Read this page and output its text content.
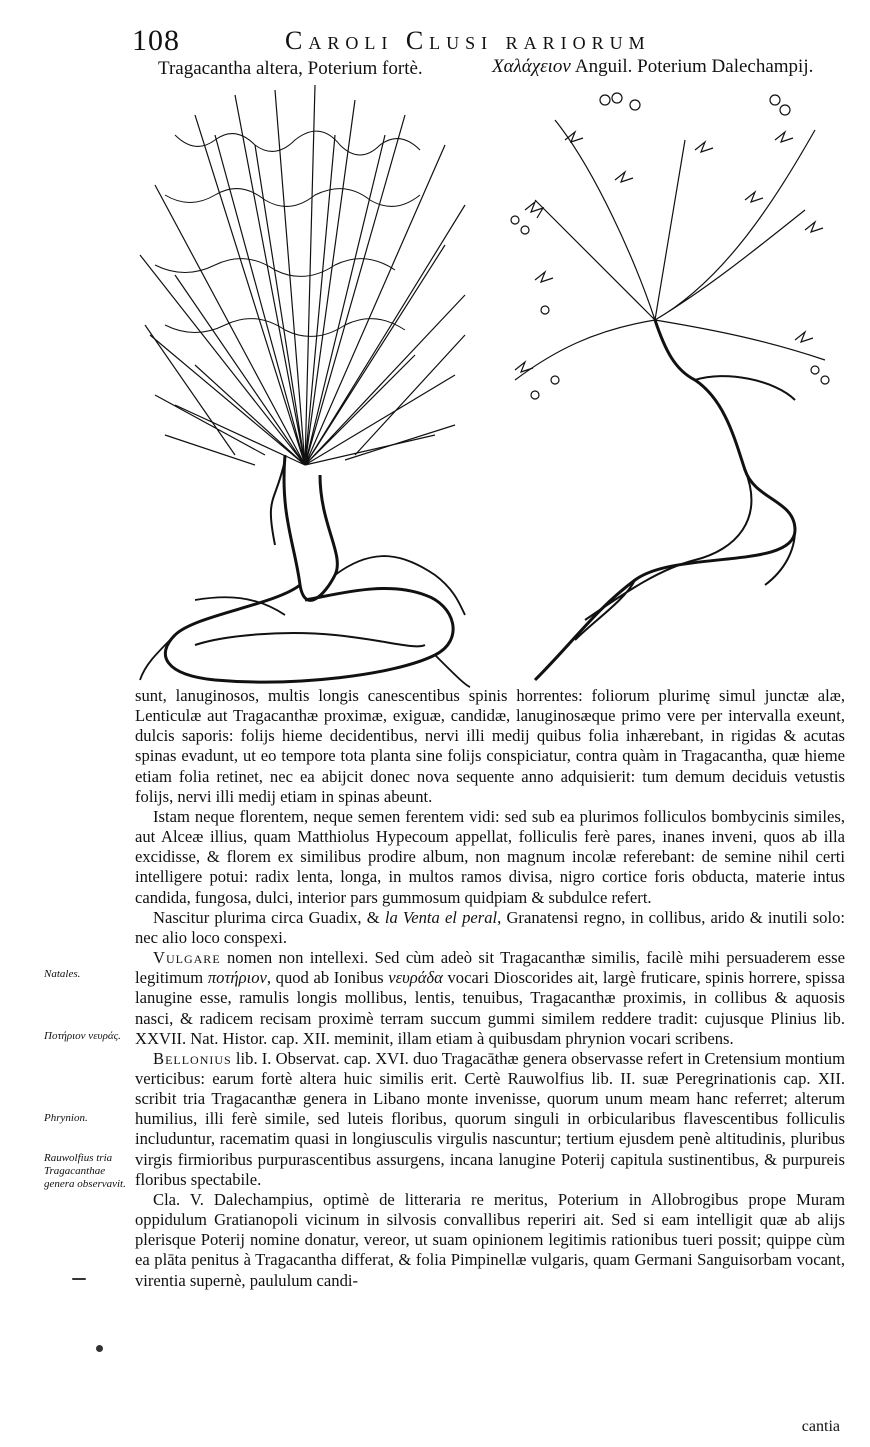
108	Caroli Clusi rariorum
Tragacantha altera, Poterium fortè.	Χαλάχειον Anguil. Poterium Dalechampij.

sunt, lanuginosos, multis longis canescentibus spinis horrentes: foliorum plurimę simul junctæ alæ, Lenticulæ aut Tragacanthæ proximæ, exiguæ, candidæ, lanuginosæque primo vere per intervalla exeunt, dulcis saporis: folijs hieme decidentibus, nervi illi medij quibus folia inhærebant, in rigidas & acutas spinas evadunt, ut eo tempore tota planta sine folijs conspiciatur, contra quàm in Tragacantha, quæ hieme etiam folia retinet, nec ea abijcit donec nova sequente anno adquisierit: tum demum deciduis vetustis folijs, nervi illi medij etiam in spinas abeunt.

Istam neque florentem, neque semen ferentem vidi: sed sub ea plurimos folliculos bombycinis similes, aut Alceæ illius, quam Matthiolus Hypecoum appellat, folliculis ferè pares, inanes inveni, quos ab illa excidisse, & florem ex similibus prodire album, non magnum incolæ referebant: de semine nihil certi intelligere potui: radix lenta, longa, in multos ramos divisa, nigro cortice foris obducta, materie intus candida, fungosa, dulci, interior pars gummosum quidpiam & subdulce refert.

Nascitur plurima circa Guadix, & la Venta el peral, Granatensi regno, in collibus, arido & inutili solo: nec alio loco conspexi.

Vulgare nomen non intellexi. Sed cùm adeò sit Tragacanthæ similis, facilè mihi persuaderem esse legitimum ποτήριον, quod ab Ionibus νευράδα vocari Dioscorides ait, largè fruticare, spinis horrere, spissa lanugine esse, ramulis longis mollibus, lentis, tenuibus, Tragacanthæ proximis, in collibus & aquosis nasci, & radicem recisam proximè terram succum gummi similem reddere tradit: cujusque Plinius lib. XXVII. Nat. Histor. cap. XII. meminit, illam etiam à quibusdam phrynion vocari scribens.

Bellonius lib. I. Observat. cap. XVI. duo Tragacāthæ genera observasse refert in Cretensium montium verticibus: earum fortè altera huic similis erit. Certè Rauwolfius lib. II. suæ Peregrinationis cap. XII. scribit tria Tragacanthæ genera in Libano monte invenisse, quorum unum meam hanc referret; alterum humilius, illi ferè simile, sed luteis floribus, quorum singuli in orbicularibus flavescentibus folliculis includuntur, racematim quasi in longiusculis virgulis nascuntur; tertium ejusdem penè altitudinis, pluribus virgis firmioribus purpurascentibus assurgens, incana lanugine Poterij capitula sustinentibus, & purpureis floribus spectabile.

Cla. V. Dalechampius, optimè de litteraria re meritus, Poterium in Allobrogibus prope Muram oppidulum Gratianopoli vicinum in silvosis convallibus reperiri ait. Sed si eam intelligit quæ ab alijs plerisque Poterij nomine donatur, vereor, ut suam opinionem legitimis rationibus tueri possit; quippe cùm ea plāta penitus à Tragacantha differat, & folia Pimpinellæ vulgaris, quam Germani Sanguisorbam vocant, virentia supernè, paululum candi-

Natales.
Ποτήριον νευράς.
Phrynion.
Rauwolfius tria Tragacanthae genera observavit.
cantia
